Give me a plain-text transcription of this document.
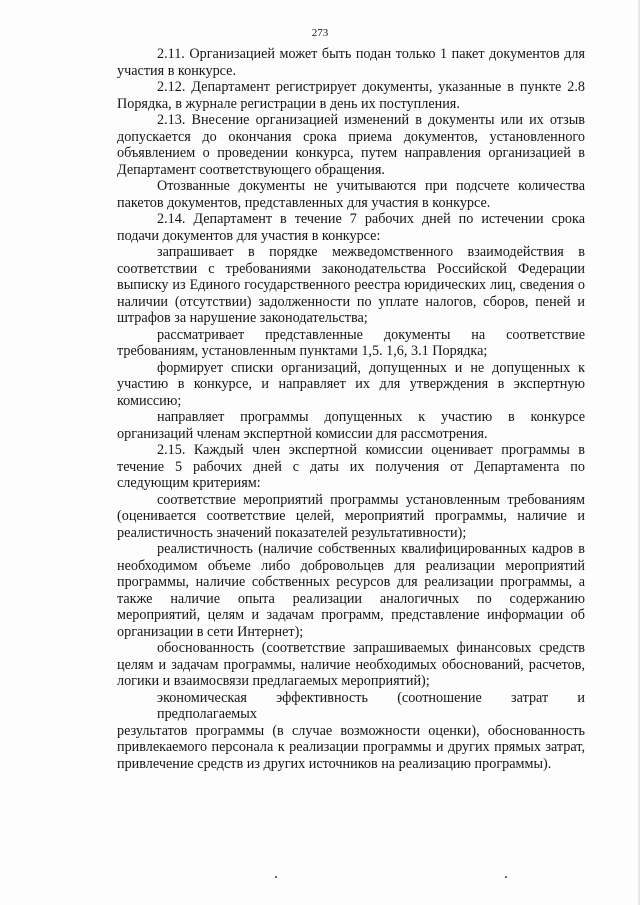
273
2.11. Организацией может быть подан только 1 пакет документов для
участия в конкурсе.
2.12. Департамент регистрирует документы, указанные в пункте 2.8
Порядка, в журнале регистрации в день их поступления.
2.13. Внесение организацией изменений в документы или их отзыв
допускается до окончания срока приема документов, установленного
объявлением о проведении конкурса, путем направления организацией в
Департамент соответствующего обращения.
Отозванные документы не учитываются при подсчете количества
пакетов документов, представленных для участия в конкурсе.
2.14. Департамент в течение 7 рабочих дней по истечении срока
подачи документов для участия в конкурсе:
запрашивает в порядке межведомственного взаимодействия в
соответствии с требованиями законодательства Российской Федерации
выписку из Единого государственного реестра юридических лиц, сведения о
наличии (отсутствии) задолженности по уплате налогов, сборов, пеней и
штрафов за нарушение законодательства;
рассматривает представленные документы на соответствие
требованиям, установленным пунктами 1,5. 1,6, 3.1 Порядка;
формирует списки организаций, допущенных и не допущенных к
участию в конкурсе, и направляет их для утверждения в экспертную
комиссию;
направляет программы допущенных к участию в конкурсе
организаций членам экспертной комиссии для рассмотрения.
2.15. Каждый член экспертной комиссии оценивает программы в
течение 5 рабочих дней с даты их получения от Департамента по
следующим критериям:
соответствие мероприятий программы установленным требованиям
(оценивается соответствие целей, мероприятий программы, наличие и
реалистичность значений показателей результативности);
реалистичность (наличие собственных квалифицированных кадров в
необходимом объеме либо добровольцев для реализации мероприятий
программы, наличие собственных ресурсов для реализации программы, а
также наличие опыта реализации аналогичных по содержанию
мероприятий, целям и задачам программ, представление информации об
организации в сети Интернет);
обоснованность (соответствие запрашиваемых финансовых средств
целям и задачам программы, наличие необходимых обоснований, расчетов,
логики и взаимосвязи предлагаемых мероприятий);
экономическая эффективность (соотношение затрат и предполагаемых
результатов программы (в случае возможности оценки), обоснованность
привлекаемого персонала к реализации программы и других прямых затрат,
привлечение средств из других источников на реализацию программы).
